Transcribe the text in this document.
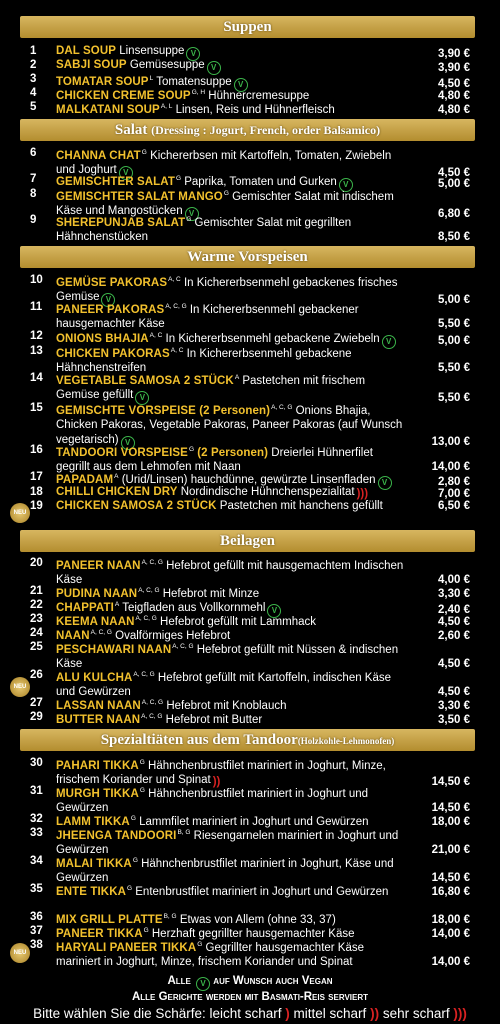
Suppen
Salat (Dressing : Jogurt, French, order Balsamico)
Warme Vorspeisen
Beilagen
Spezialtiäten aus dem Tandoor(Holzkohle-Lehmonofen)
1	DAL SOUP Linsensuppe V	3,90 €
2	SABJI SOUP Gemüsesuppe V	3,90 €
3	TOMATAR $SOUP^L$ Tomatensuppe V	4,50 €
4	CHICKEN CREME $SOUP^{G, H}$ Hühnercremesuppe	4,80 €
5	MALKATANI $SOUP^{A, L}$ Linsen, Reis und Hühnerfleisch	4,80 €
6	CHANNA $CHAT^G$ Kichererbsen mit Kartoffeln, Tomaten, Zwiebeln und Joghurt V	4,50 €
7	GEMISCHTER $SALAT^G$ Paprika, Tomaten und Gurken V	5,00 €
8	GEMISCHTER SALAT $MANGO^G$ Gemischter Salat mit indischem Käse und Mangostücken V	6,80 €
9	SHEREPUNJAB $SALAT^G$ Gemischter Salat mit gegrillten Hähnchenstücken	8,50 €
10	GEMÜSE $PAKORAS^{A, C}$ In Kichererbsenmehl gebackenes frisches Gemüse V	5,00 €
11	PANEER $PAKORAS^{A, C, G}$ In Kichererbsenmehl gebackener hausgemachter Käse	5,50 €
12	ONIONS $BHAJIA^{A, C}$ In Kichererbsenmehl gebackene Zwiebeln V	5,00 €
13	CHICKEN $PAKORAS^{A, C}$ In Kichererbsenmehl gebackene Hähnchenstreifen	5,50 €
14	VEGETABLE SAMOSA 2 $STÜCK^A$ Pastetchen mit frischem Gemüse gefüllt V	5,50 €
15	GEMISCHTE VORSPEISE (2 Personen)$^{A, C, G}$ Onions Bhajia, Chicken Pakoras, Vegetable Pakoras, Paneer Pakoras (auf Wunsch vegetarisch) V	13,00 €
16	TANDOORI $VORSPEISE^G$ (2 Personen) Dreierlei Hühnerfilet gegrillt aus dem Lehmofen mit Naan	14,00 €
17	$PAPADAM^A$ (Urid/Linsen) hauchdünne, gewürzte Linsenfladen V	2,80 €
18	CHILLI CHICKEN DRY Nordindische Hühnchenspezialitat )))	7,00 €
19	CHICKEN SAMOSA 2 STÜCK Pastetchen mit hanchens gefüllt	6,50 €
20	PANEER $NAAN^{A, C, G}$ Hefebrot gefüllt mit hausgemachtem Indischen Käse	4,00 €
21	PUDINA $NAAN^{A, C, G}$ Hefebrot mit Minze	3,30 €
22	$CHAPPATI^A$ Teigfladen aus Vollkornmehl V	2,40 €
23	KEEMA $NAAN^{A, C, G}$ Hefebrot gefüllt mit Lammhack	4,50 €
24	$NAAN^{A, C, G}$ Ovalförmiges Hefebrot	2,60 €
25	PESCHAWARI $NAAN^{A, C, G}$ Hefebrot gefüllt mit Nüssen & indischen Käse	4,50 €
26	ALU $KULCHA^{A, C, G}$ Hefebrot gefüllt mit Kartoffeln, indischen Käse und Gewürzen	4,50 €
27	LASSAN $NAAN^{A, C, G}$ Hefebrot mit Knoblauch	3,30 €
29	BUTTER $NAAN^{A, C, G}$ Hefebrot mit Butter	3,50 €
30	PAHARI $TIKKA^G$ Hähnchenbrustfilet mariniert in Joghurt, Minze, frischem Koriander und Spinat ))	14,50 €
31	MURGH $TIKKA^G$ Hähnchenbrustfilet mariniert in Joghurt und Gewürzen	14,50 €
32	LAMM $TIKKA^G$ Lammfilet mariniert in Joghurt und Gewürzen	18,00 €
33	JHEENGA $TANDOORI^{B, G}$ Riesengarnelen mariniert in Joghurt und Gewürzen	21,00 €
34	MALAI $TIKKA^G$ Hähnchenbrustfilet mariniert in Joghurt, Käse und Gewürzen	14,50 €
35	ENTE $TIKKA^G$ Entenbrustfilet mariniert in Joghurt und Gewürzen	16,80 €
36	MIX GRILL $PLATTE^{B, G}$ Etwas von Allem (ohne 33, 37)	18,00 €
37	PANEER $TIKKA^G$ Herzhaft gegrillter hausgemachter Käse	14,00 €
38	HARYALI PANEER $TIKKA^G$ Gegrillter hausgemachter Käse mariniert in Joghurt, Minze, frischem Koriander und Spinat	14,00 €
NEU
NEU
NEU
Alle V auf Wunsch auch Vegan
Alle Gerichte werden mit Basmati-Reis serviert
Bitte wählen Sie die Schärfe: leicht scharf ) mittel scharf )) sehr scharf )))
